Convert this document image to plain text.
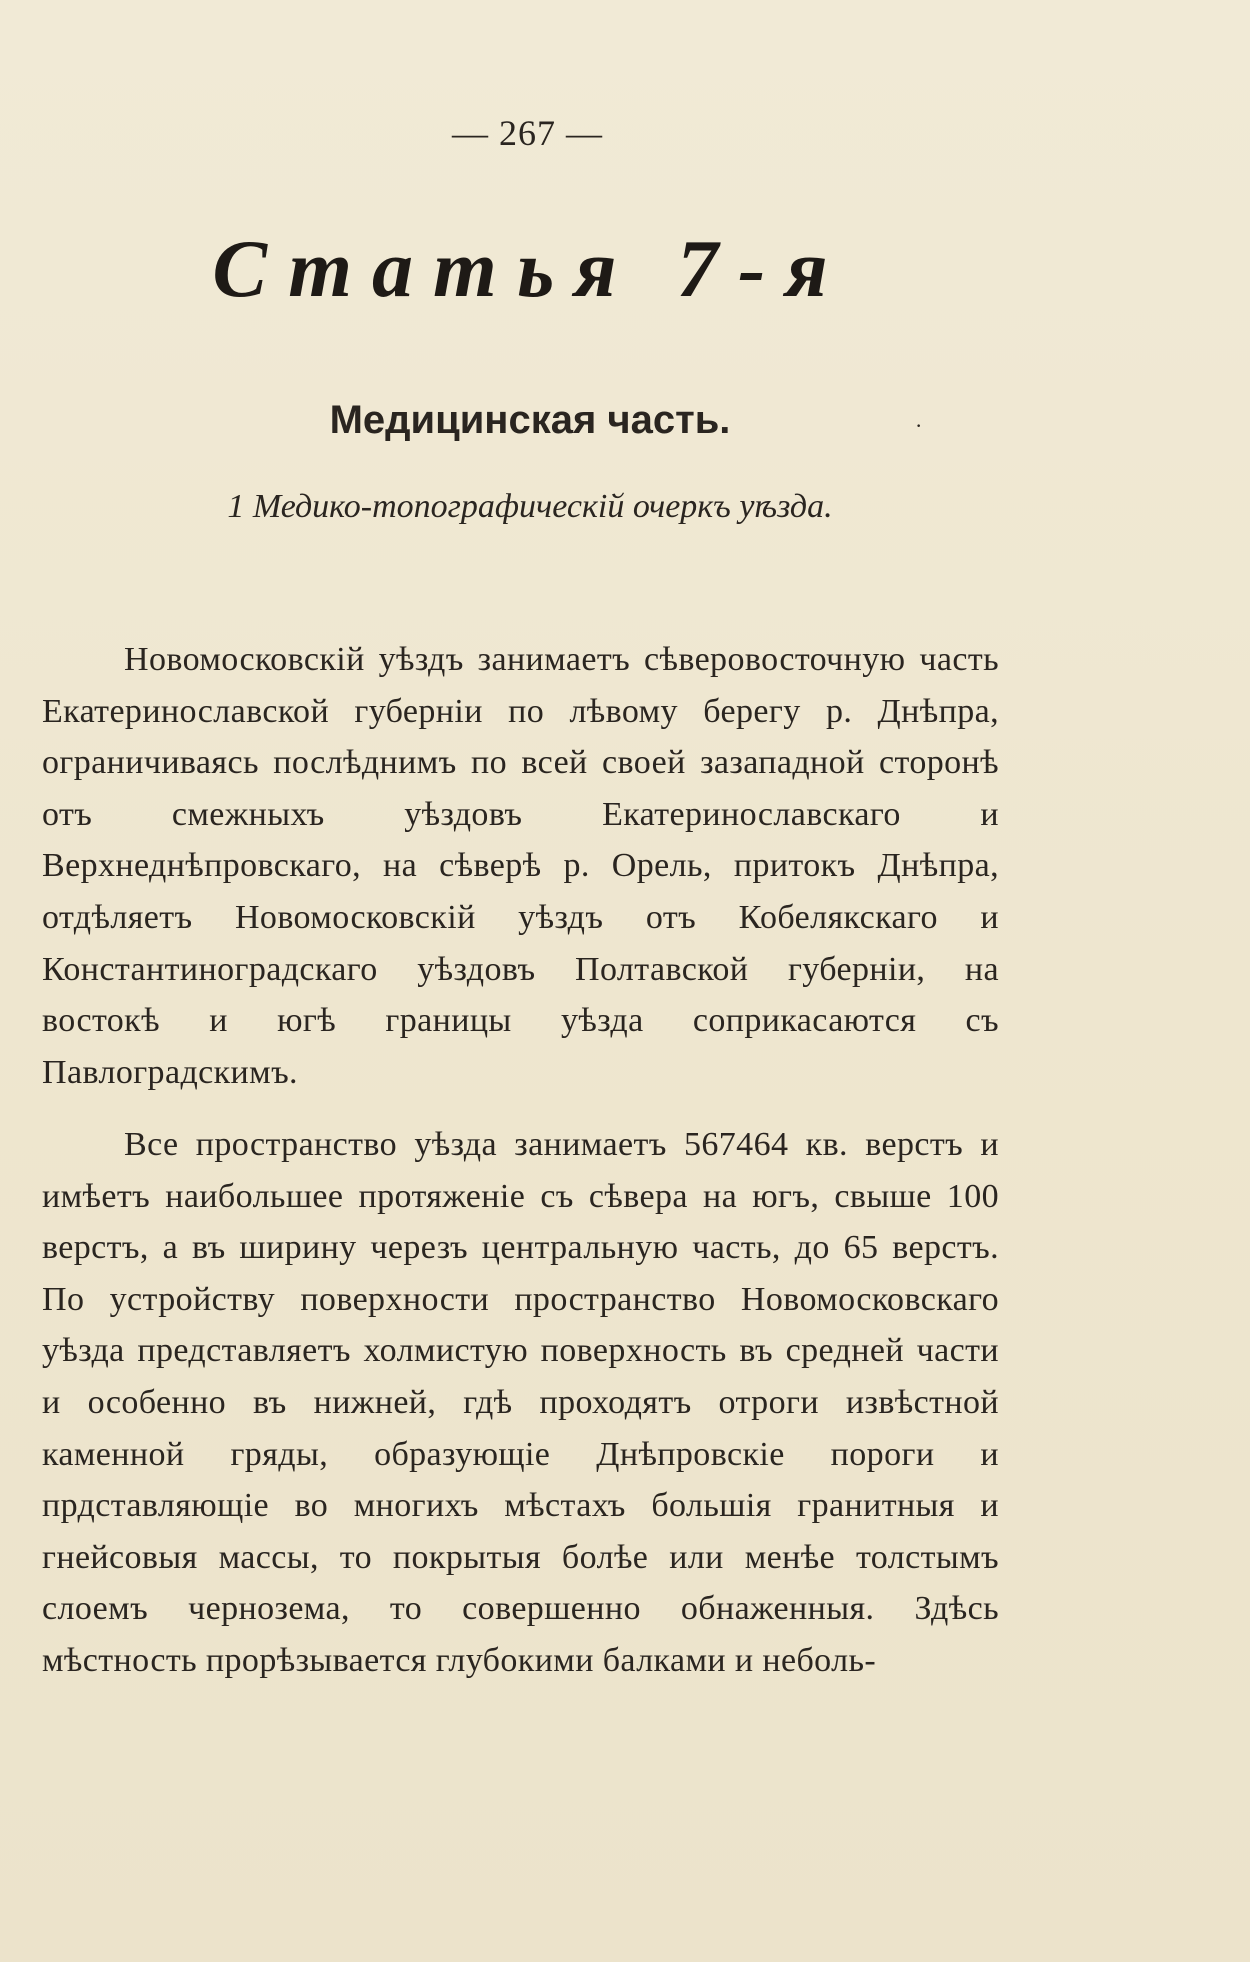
— 267 —
Статья 7-я
Медицинская часть.	·
1 Медико-топографическій очеркъ уѣзда.

Новомосковскій уѣздъ занимаетъ сѣверовосточную часть Екатеринославской губерніи по лѣвому берегу р. Днѣпра, ограничиваясь послѣднимъ по всей своей зазападной сторонѣ отъ смежныхъ уѣздовъ Екатеринославскаго и Верхнеднѣпровскаго, на сѣверѣ р. Орель, притокъ Днѣпра, отдѣляетъ Новомосковскій уѣздъ отъ Кобелякскаго и Константиноградскаго уѣздовъ Полтавской губерніи, на востокѣ и югѣ границы уѣзда соприкасаются съ Павлоградскимъ.

Все пространство уѣзда занимаетъ 567464 кв. верстъ и имѣетъ наибольшее протяженіе съ сѣвера на югъ, свыше 100 верстъ, а въ ширину черезъ центральную часть, до 65 верстъ. По устройству поверхности пространство Новомосковскаго уѣзда представляетъ холмистую поверхность въ средней части и особенно въ нижней, гдѣ проходятъ отроги извѣстной каменной гряды, образующіе Днѣпровскіе пороги и прдставляющіе во многихъ мѣстахъ большія гранитныя и гнейсовыя массы, то покрытыя болѣе или менѣе толстымъ слоемъ чернозема, то совершенно обнаженныя. Здѣсь мѣстность прорѣзывается глубокими балками и неболь-
